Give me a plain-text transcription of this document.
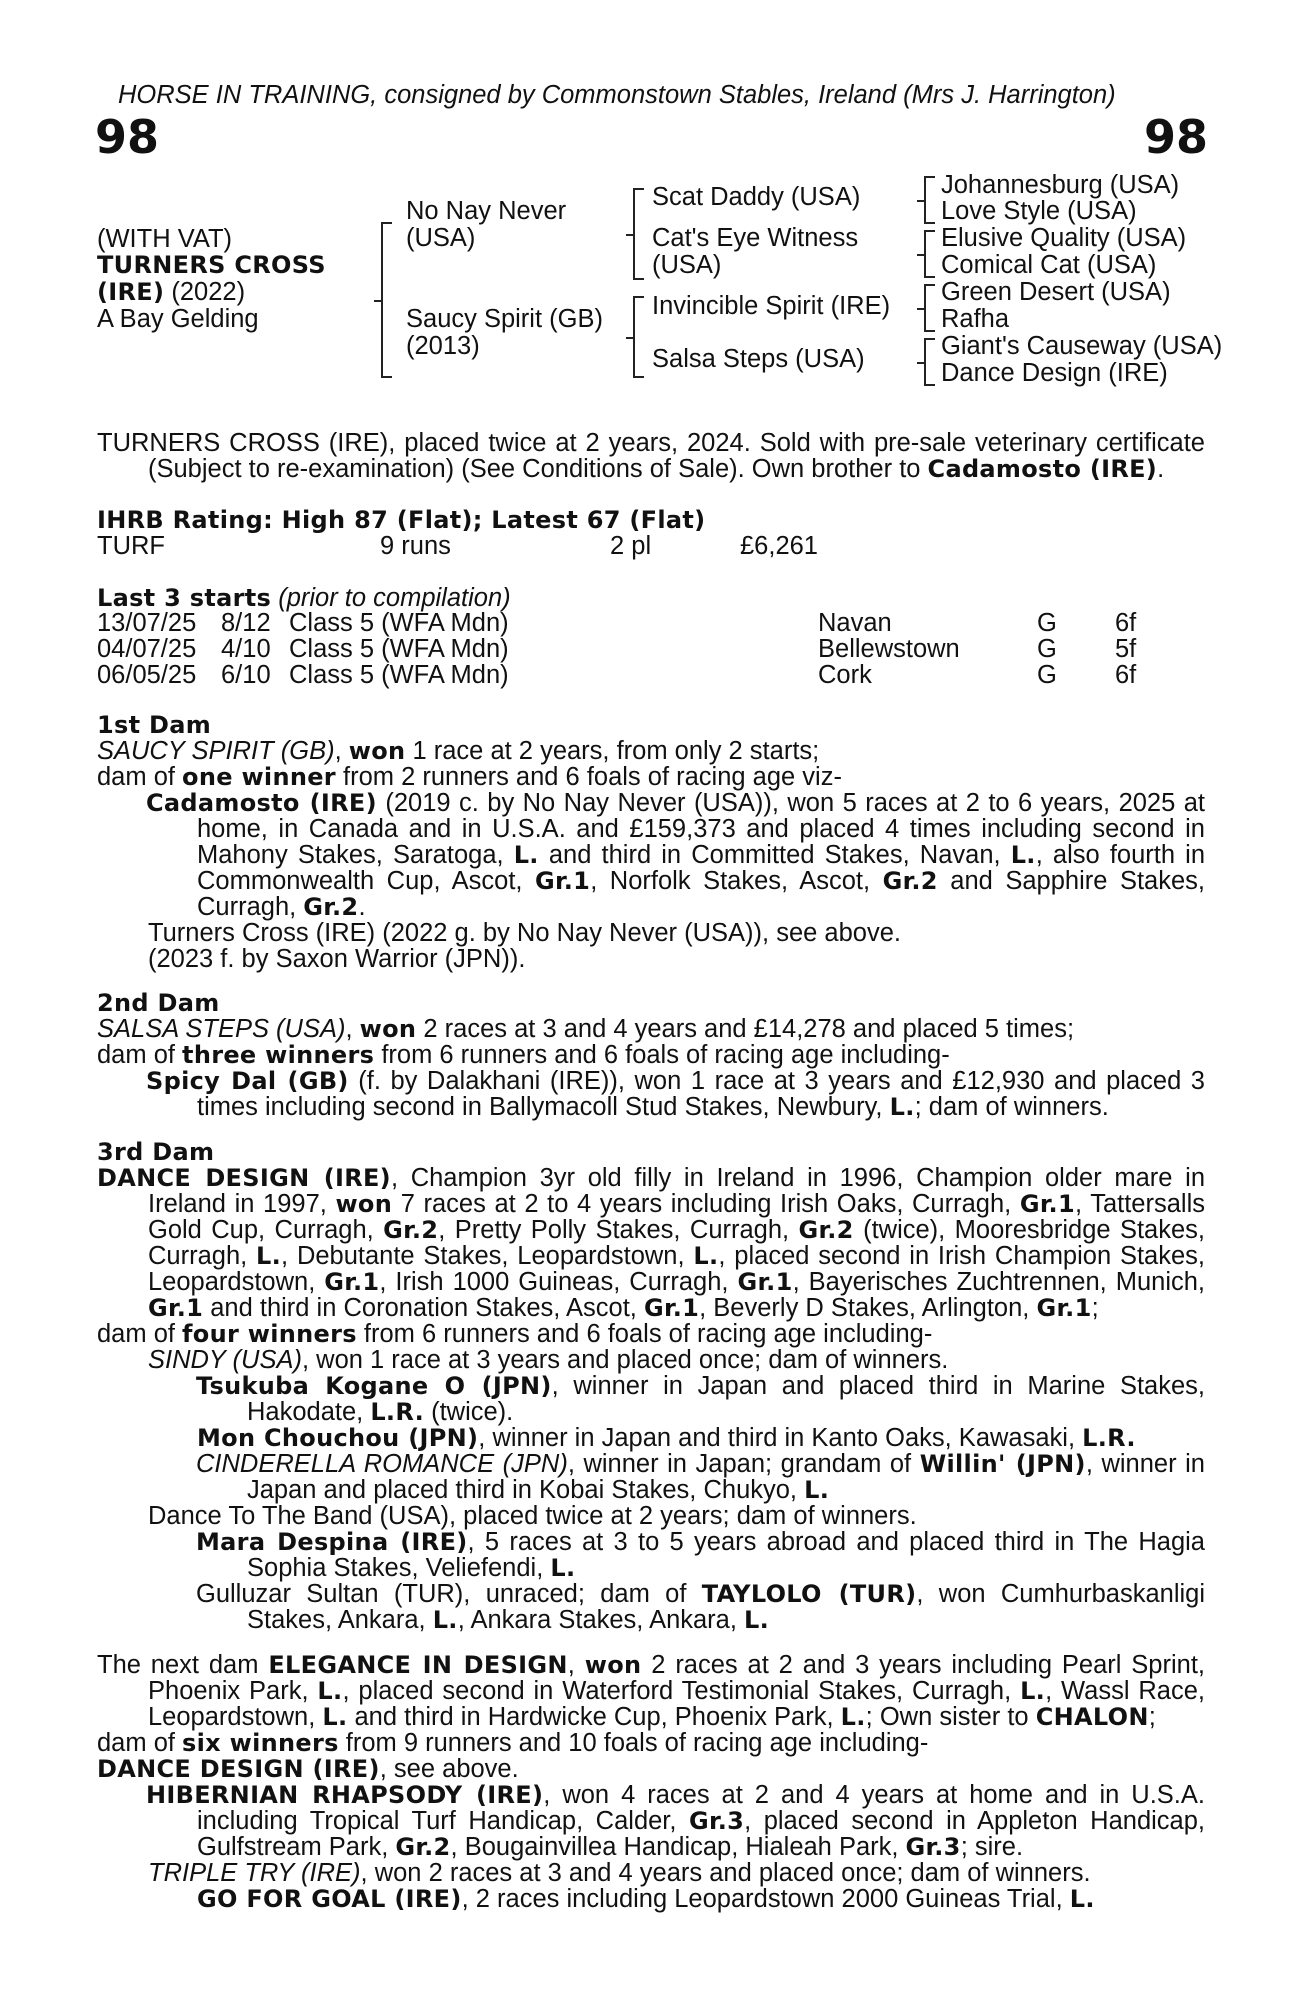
HORSE IN TRAINING, consigned by Commonstown Stables, Ireland (Mrs J. Harrington)
98	98
(WITH VAT)
TURNERS CROSS
(IRE) (2022)
A Bay Gelding
No Nay Never
(USA)
Saucy Spirit (GB)
(2013)
Scat Daddy (USA)
Cat's Eye Witness
(USA)
Invincible Spirit (IRE)
Salsa Steps (USA)
Johannesburg (USA)
Love Style (USA)
Elusive Quality (USA)
Comical Cat (USA)
Green Desert (USA)
Rafha
Giant's Causeway (USA)
Dance Design (IRE)

TURNERS CROSS (IRE), placed twice at 2 years, 2024. Sold with pre-sale veterinary certificate (Subject to re-examination) (See Conditions of Sale). Own brother to Cadamosto (IRE).

IHRB Rating: High 87 (Flat); Latest 67 (Flat)
TURF	9 runs	2 pl	£6,261
Last 3 starts (prior to compilation)
13/07/25 8/12 Class 5 (WFA Mdn)	Navan	G 6f
04/07/25 4/10 Class 5 (WFA Mdn)	Bellewstown	G 5f
06/05/25 6/10 Class 5 (WFA Mdn)	Cork	G 6f

1st Dam

SAUCY SPIRIT (GB), won 1 race at 2 years, from only 2 starts;

dam of one winner from 2 runners and 6 foals of racing age viz-

Cadamosto (IRE) (2019 c. by No Nay Never (USA)), won 5 races at 2 to 6 years, 2025 at home, in Canada and in U.S.A. and £159,373 and placed 4 times including second in Mahony Stakes, Saratoga, L. and third in Committed Stakes, Navan, L., also fourth in Commonwealth Cup, Ascot, Gr.1, Norfolk Stakes, Ascot, Gr.2 and Sapphire Stakes, Curragh, Gr.2.

Turners Cross (IRE) (2022 g. by No Nay Never (USA)), see above.

(2023 f. by Saxon Warrior (JPN)).

2nd Dam

SALSA STEPS (USA), won 2 races at 3 and 4 years and £14,278 and placed 5 times;

dam of three winners from 6 runners and 6 foals of racing age including-

Spicy Dal (GB) (f. by Dalakhani (IRE)), won 1 race at 3 years and £12,930 and placed 3 times including second in Ballymacoll Stud Stakes, Newbury, L.; dam of winners.

3rd Dam

DANCE DESIGN (IRE), Champion 3yr old filly in Ireland in 1996, Champion older mare in Ireland in 1997, won 7 races at 2 to 4 years including Irish Oaks, Curragh, Gr.1, Tattersalls Gold Cup, Curragh, Gr.2, Pretty Polly Stakes, Curragh, Gr.2 (twice), Mooresbridge Stakes, Curragh, L., Debutante Stakes, Leopardstown, L., placed second in Irish Champion Stakes, Leopardstown, Gr.1, Irish 1000 Guineas, Curragh, Gr.1, Bayerisches Zuchtrennen, Munich, Gr.1 and third in Coronation Stakes, Ascot, Gr.1, Beverly D Stakes, Arlington, Gr.1;

dam of four winners from 6 runners and 6 foals of racing age including-

SINDY (USA), won 1 race at 3 years and placed once; dam of winners.

Tsukuba Kogane O (JPN), winner in Japan and placed third in Marine Stakes, Hakodate, L.R. (twice).

Mon Chouchou (JPN), winner in Japan and third in Kanto Oaks, Kawasaki, L.R.

CINDERELLA ROMANCE (JPN), winner in Japan; grandam of Willin' (JPN), winner in Japan and placed third in Kobai Stakes, Chukyo, L.

Dance To The Band (USA), placed twice at 2 years; dam of winners.

Mara Despina (IRE), 5 races at 3 to 5 years abroad and placed third in The Hagia Sophia Stakes, Veliefendi, L.

Gulluzar Sultan (TUR), unraced; dam of TAYLOLO (TUR), won Cumhurbaskanligi Stakes, Ankara, L., Ankara Stakes, Ankara, L.

The next dam ELEGANCE IN DESIGN, won 2 races at 2 and 3 years including Pearl Sprint, Phoenix Park, L., placed second in Waterford Testimonial Stakes, Curragh, L., Wassl Race, Leopardstown, L. and third in Hardwicke Cup, Phoenix Park, L.; Own sister to CHALON;

dam of six winners from 9 runners and 10 foals of racing age including-

DANCE DESIGN (IRE), see above.

HIBERNIAN RHAPSODY (IRE), won 4 races at 2 and 4 years at home and in U.S.A. including Tropical Turf Handicap, Calder, Gr.3, placed second in Appleton Handicap, Gulfstream Park, Gr.2, Bougainvillea Handicap, Hialeah Park, Gr.3; sire.

TRIPLE TRY (IRE), won 2 races at 3 and 4 years and placed once; dam of winners.

GO FOR GOAL (IRE), 2 races including Leopardstown 2000 Guineas Trial, L.
